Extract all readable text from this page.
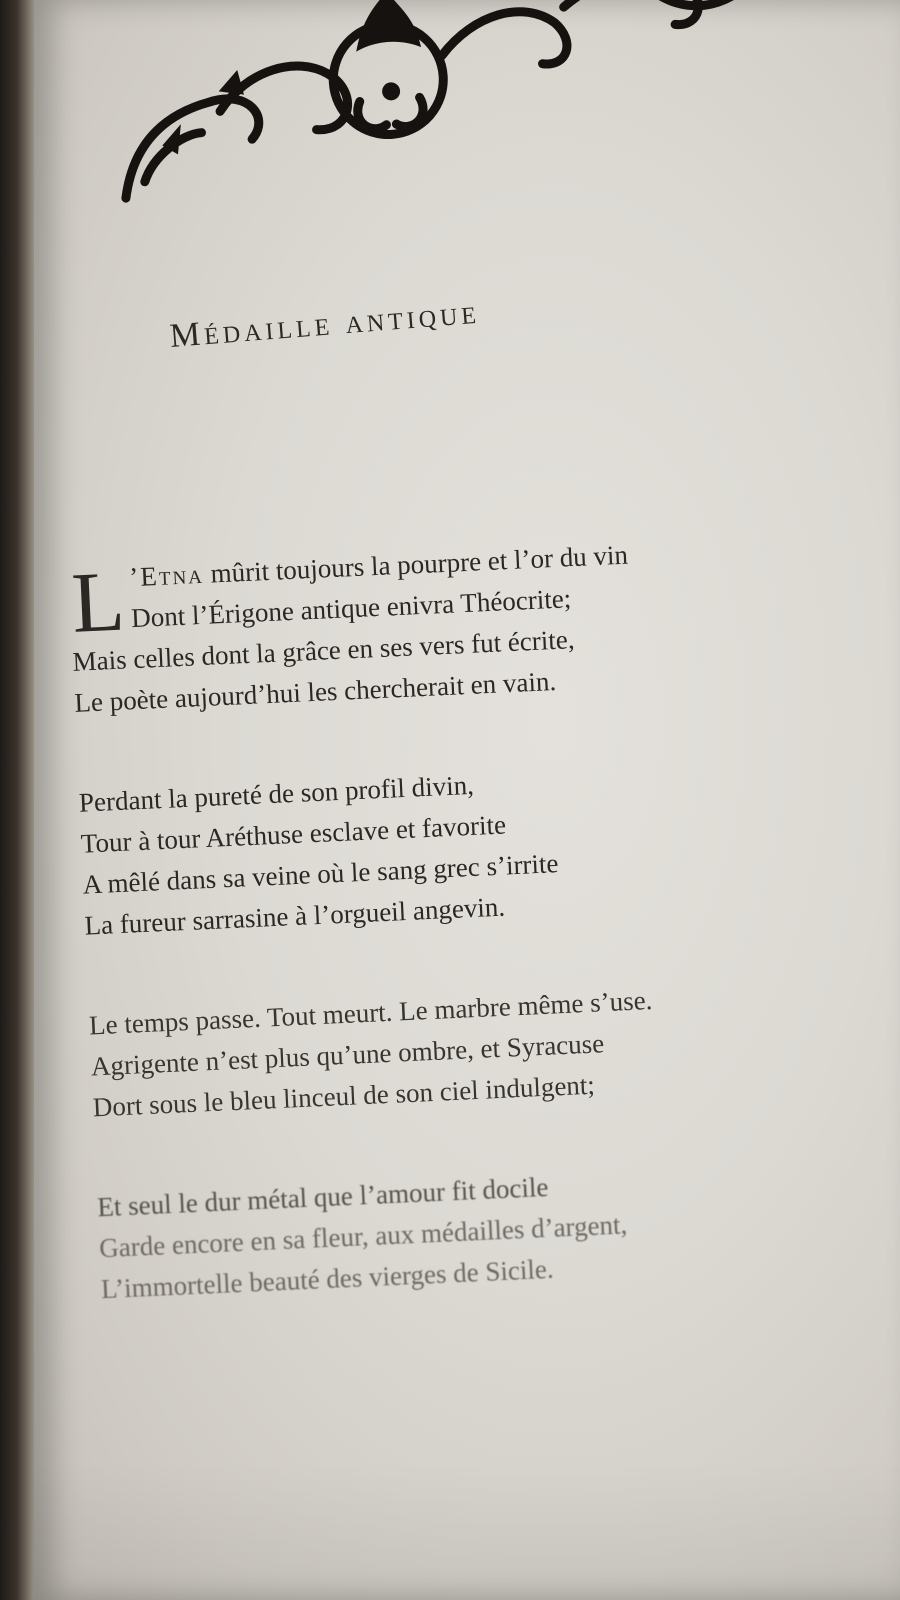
Médaille antique
L ’Etna mûrit toujours la pourpre et l’or du vin
Dont l’Érigone antique enivra Théocrite;
Mais celles dont la grâce en ses vers fut écrite,
Le poète aujourd’hui les chercherait en vain.
Perdant la pureté de son profil divin,
Tour à tour Aréthuse esclave et favorite
A mêlé dans sa veine où le sang grec s’irrite
La fureur sarrasine à l’orgueil angevin.
Le temps passe. Tout meurt. Le marbre même s’use.
Agrigente n’est plus qu’une ombre, et Syracuse
Dort sous le bleu linceul de son ciel indulgent;
Et seul le dur métal que l’amour fit docile
Garde encore en sa fleur, aux médailles d’argent,
L’immortelle beauté des vierges de Sicile.
